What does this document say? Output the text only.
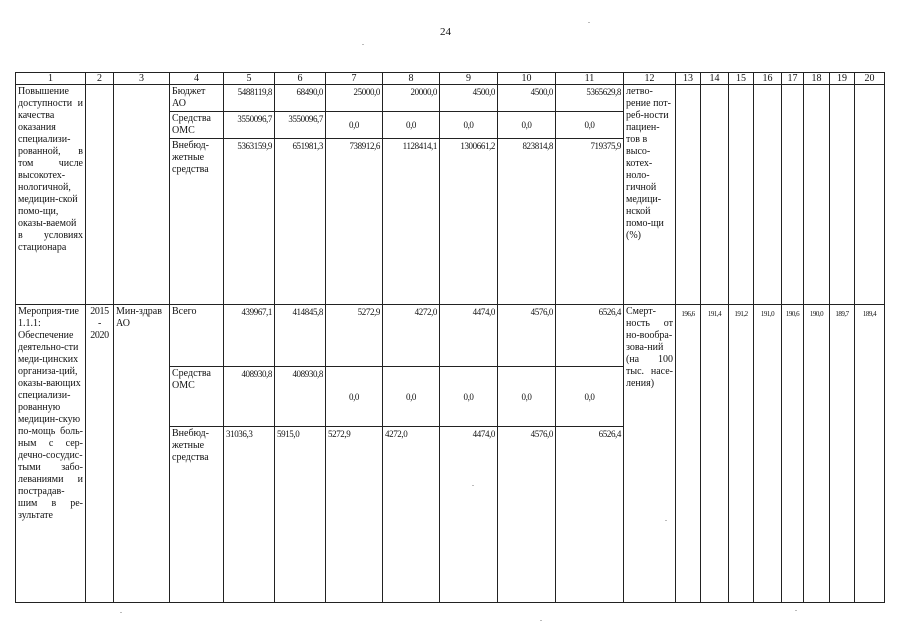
24
1	2	3	4	5	6	7	8	9	10	11	12	13	14	15	16	17	18	19	20
Повышение доступности и качества оказания специализи-рованной, в том числе высокотех-нологичной, медицин-ской помо-щи, оказы-ваемой в условиях стационара			Бюджет АО	5488119,8	68490,0	25000,0	20000,0	4500,0	4500,0	5365629,8	летво-рение пот-реб-ности пациен-тов в высо-котех-ноло-гичной медици-нской помо-щи (%)								
			Средства ОМС	3550096,7	3550096,7	0,0	0,0	0,0	0,0	0,0									
			Внебюд-жетные средства	5363159,9	651981,3	738912,6	1128414,1	1300661,2	823814,8	719375,9									
Мероприя-тие 1.1.1: Обеспечение деятельно-сти меди-цинских организа-ций, оказы-вающих специализи-рованную медицин-скую по-мощь боль-ным с сер-дечно-сосудис-тыми забо-леваниями и пострадав-шим в ре-зультате	2015 - 2020	Мин-здрав АО	Всего	439967,1	414845,8	5272,9	4272,0	4474,0	4576,0	6526,4	Смерт-ность от но-вообра-зова-ний (на 100 тыс. насе-ления)	196,6	191,4	191,2	191,0	190,6	190,0	189,7	189,4
			Средства ОМС	408930,8	408930,8	0,0	0,0	0,0	0,0	0,0									
			Внебюд-жетные средства	31036,3	5915,0	5272,9	4272,0	4474,0	4576,0	6526,4									
